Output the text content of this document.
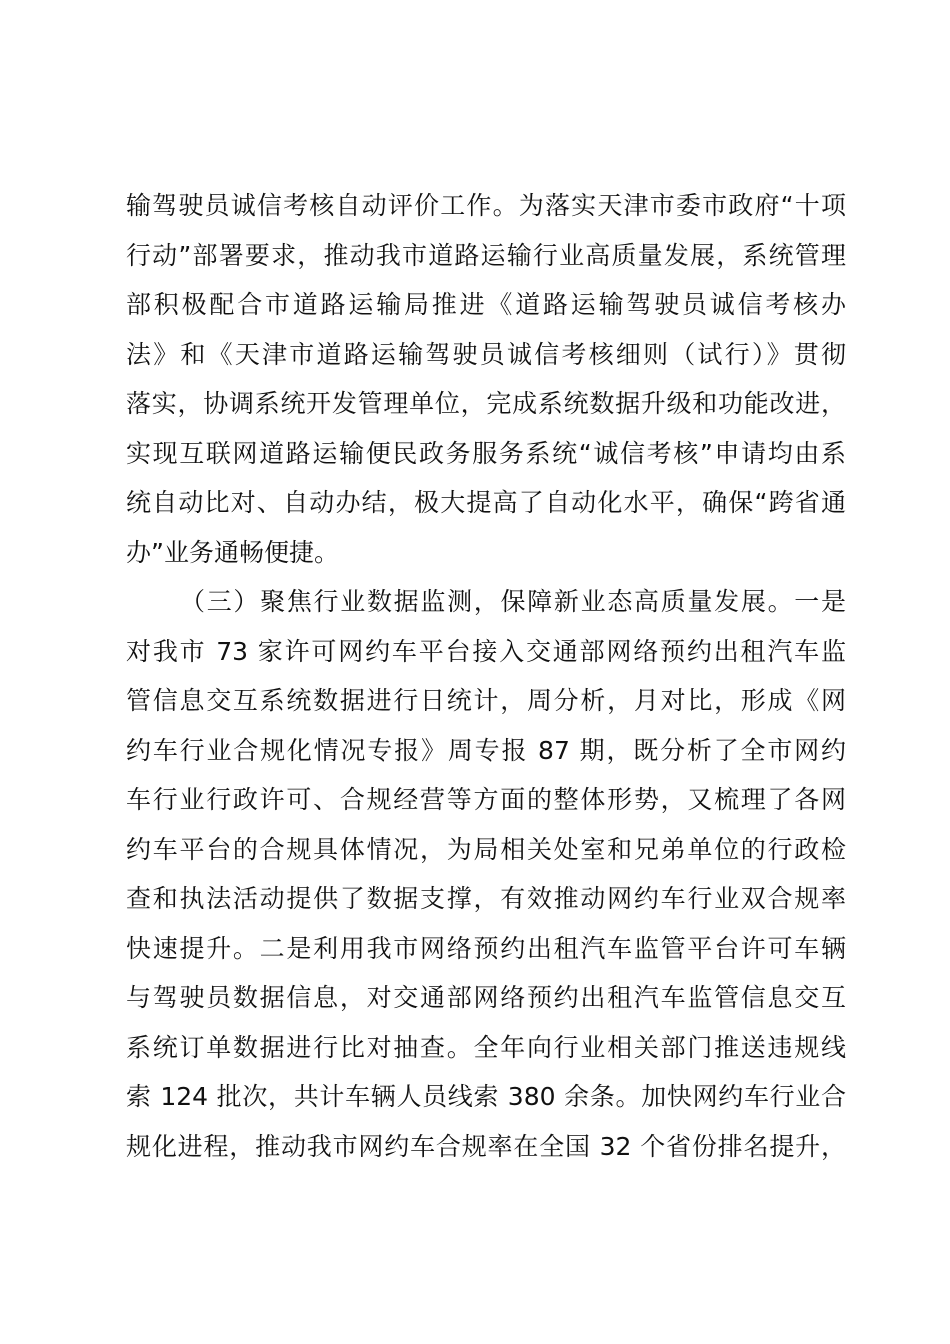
输驾驶员诚信考核自动评价工作。为落实天津市委市政府“十项
行动”部署要求，推动我市道路运输行业高质量发展，系统管理
部积极配合市道路运输局推进《道路运输驾驶员诚信考核办
法》和《天津市道路运输驾驶员诚信考核细则（试行）》贯彻
落实，协调系统开发管理单位，完成系统数据升级和功能改进，
实现互联网道路运输便民政务服务系统“诚信考核”申请均由系
统自动比对、自动办结，极大提高了自动化水平，确保“跨省通
办”业务通畅便捷。
（三）聚焦行业数据监测，保障新业态高质量发展。一是
对我市 73 家许可网约车平台接入交通部网络预约出租汽车监
管信息交互系统数据进行日统计，周分析，月对比，形成《网
约车行业合规化情况专报》周专报 87 期，既分析了全市网约
车行业行政许可、合规经营等方面的整体形势，又梳理了各网
约车平台的合规具体情况，为局相关处室和兄弟单位的行政检
查和执法活动提供了数据支撑，有效推动网约车行业双合规率
快速提升。二是利用我市网络预约出租汽车监管平台许可车辆
与驾驶员数据信息，对交通部网络预约出租汽车监管信息交互
系统订单数据进行比对抽查。全年向行业相关部门推送违规线
索 124 批次，共计车辆人员线索 380 余条。加快网约车行业合
规化进程，推动我市网约车合规率在全国 32 个省份排名提升，
